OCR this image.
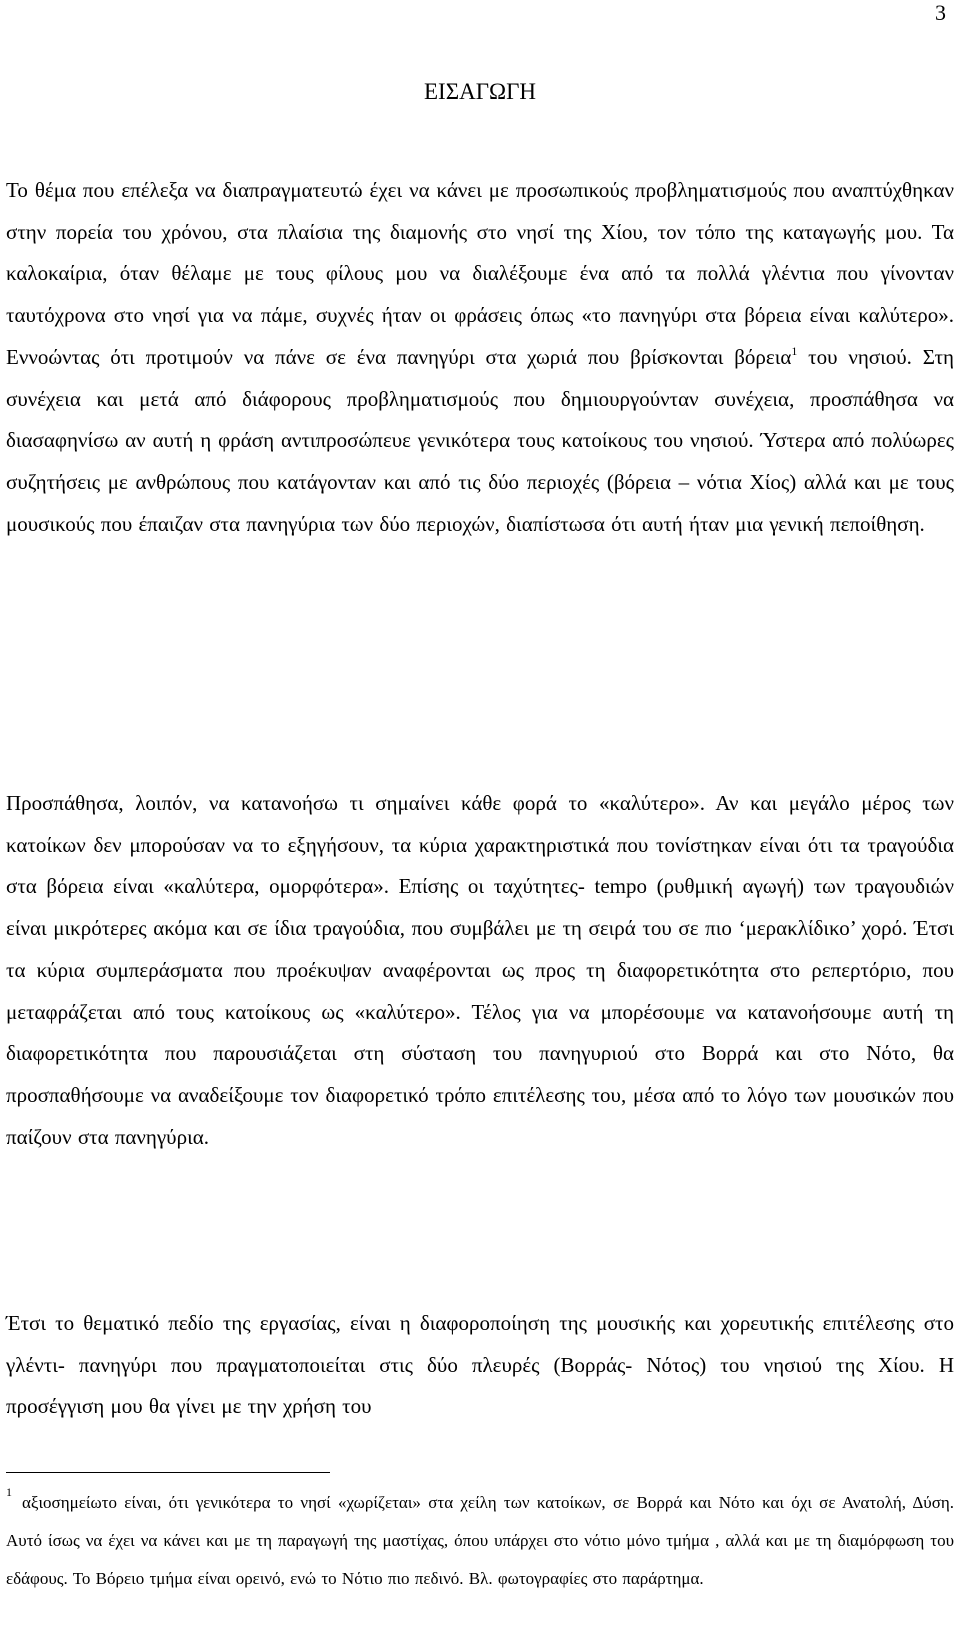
3
ΕΙΣΑΓΩΓΗ

Το θέμα που επέλεξα να διαπραγματευτώ έχει να κάνει με προσωπικούς προβληματισμούς που αναπτύχθηκαν στην πορεία του χρόνου, στα πλαίσια της διαμονής στο νησί της Χίου, τον τόπο της καταγωγής μου. Τα καλοκαίρια, όταν θέλαμε με τους φίλους μου να διαλέξουμε ένα από τα πολλά γλέντια που γίνονταν ταυτόχρονα στο νησί για να πάμε, συχνές ήταν οι φράσεις όπως «το πανηγύρι στα βόρεια είναι καλύτερο». Εννοώντας ότι προτιμούν να πάνε σε ένα πανηγύρι στα χωριά που βρίσκονται βόρεια$^1$ του νησιού. Στη συνέχεια και μετά από διάφορους προβληματισμούς που δημιουργούνταν συνέχεια, προσπάθησα να διασαφηνίσω αν αυτή η φράση αντιπροσώπευε γενικότερα τους κατοίκους του νησιού. Ύστερα από πολύωρες συζητήσεις με ανθρώπους που κατάγονταν και από τις δύο περιοχές (βόρεια – νότια Χίος) αλλά και με τους μουσικούς που έπαιζαν στα πανηγύρια των δύο περιοχών, διαπίστωσα ότι αυτή ήταν μια γενική πεποίθηση.

Προσπάθησα, λοιπόν, να κατανοήσω τι σημαίνει κάθε φορά το «καλύτερο». Αν και μεγάλο μέρος των κατοίκων δεν μπορούσαν να το εξηγήσουν, τα κύρια χαρακτηριστικά που τονίστηκαν είναι ότι τα τραγούδια στα βόρεια είναι «καλύτερα, ομορφότερα». Επίσης οι ταχύτητες- tempo (ρυθμική αγωγή) των τραγουδιών είναι μικρότερες ακόμα και σε ίδια τραγούδια, που συμβάλει με τη σειρά του σε πιο ‘μερακλίδικο’ χορό. Έτσι τα κύρια συμπεράσματα που προέκυψαν αναφέρονται ως προς τη διαφορετικότητα στο ρεπερτόριο, που μεταφράζεται από τους κατοίκους ως «καλύτερο». Τέλος για να μπορέσουμε να κατανοήσουμε αυτή τη διαφορετικότητα που παρουσιάζεται στη σύσταση του πανηγυριού στο Βορρά και στο Νότο, θα προσπαθήσουμε να αναδείξουμε τον διαφορετικό τρόπο επιτέλεσης του, μέσα από το λόγο των μουσικών που παίζουν στα πανηγύρια.

Έτσι το θεματικό πεδίο της εργασίας, είναι η διαφοροποίηση της μουσικής και χορευτικής επιτέλεσης στο γλέντι- πανηγύρι που πραγματοποιείται στις δύο πλευρές (Βορράς- Νότος) του νησιού της Χίου. Η προσέγγιση μου θα γίνει με την χρήση του

$^1$αξιοσημείωτο είναι, ότι γενικότερα το νησί «χωρίζεται» στα χείλη των κατοίκων, σε Βορρά και Νότο και όχι σε Ανατολή, Δύση. Αυτό ίσως να έχει να κάνει και με τη παραγωγή της μαστίχας, όπου υπάρχει στο νότιο μόνο τμήμα , αλλά και με τη διαμόρφωση του εδάφους. Το Βόρειο τμήμα είναι ορεινό, ενώ το Νότιο πιο πεδινό. Βλ. φωτογραφίες στο παράρτημα.
